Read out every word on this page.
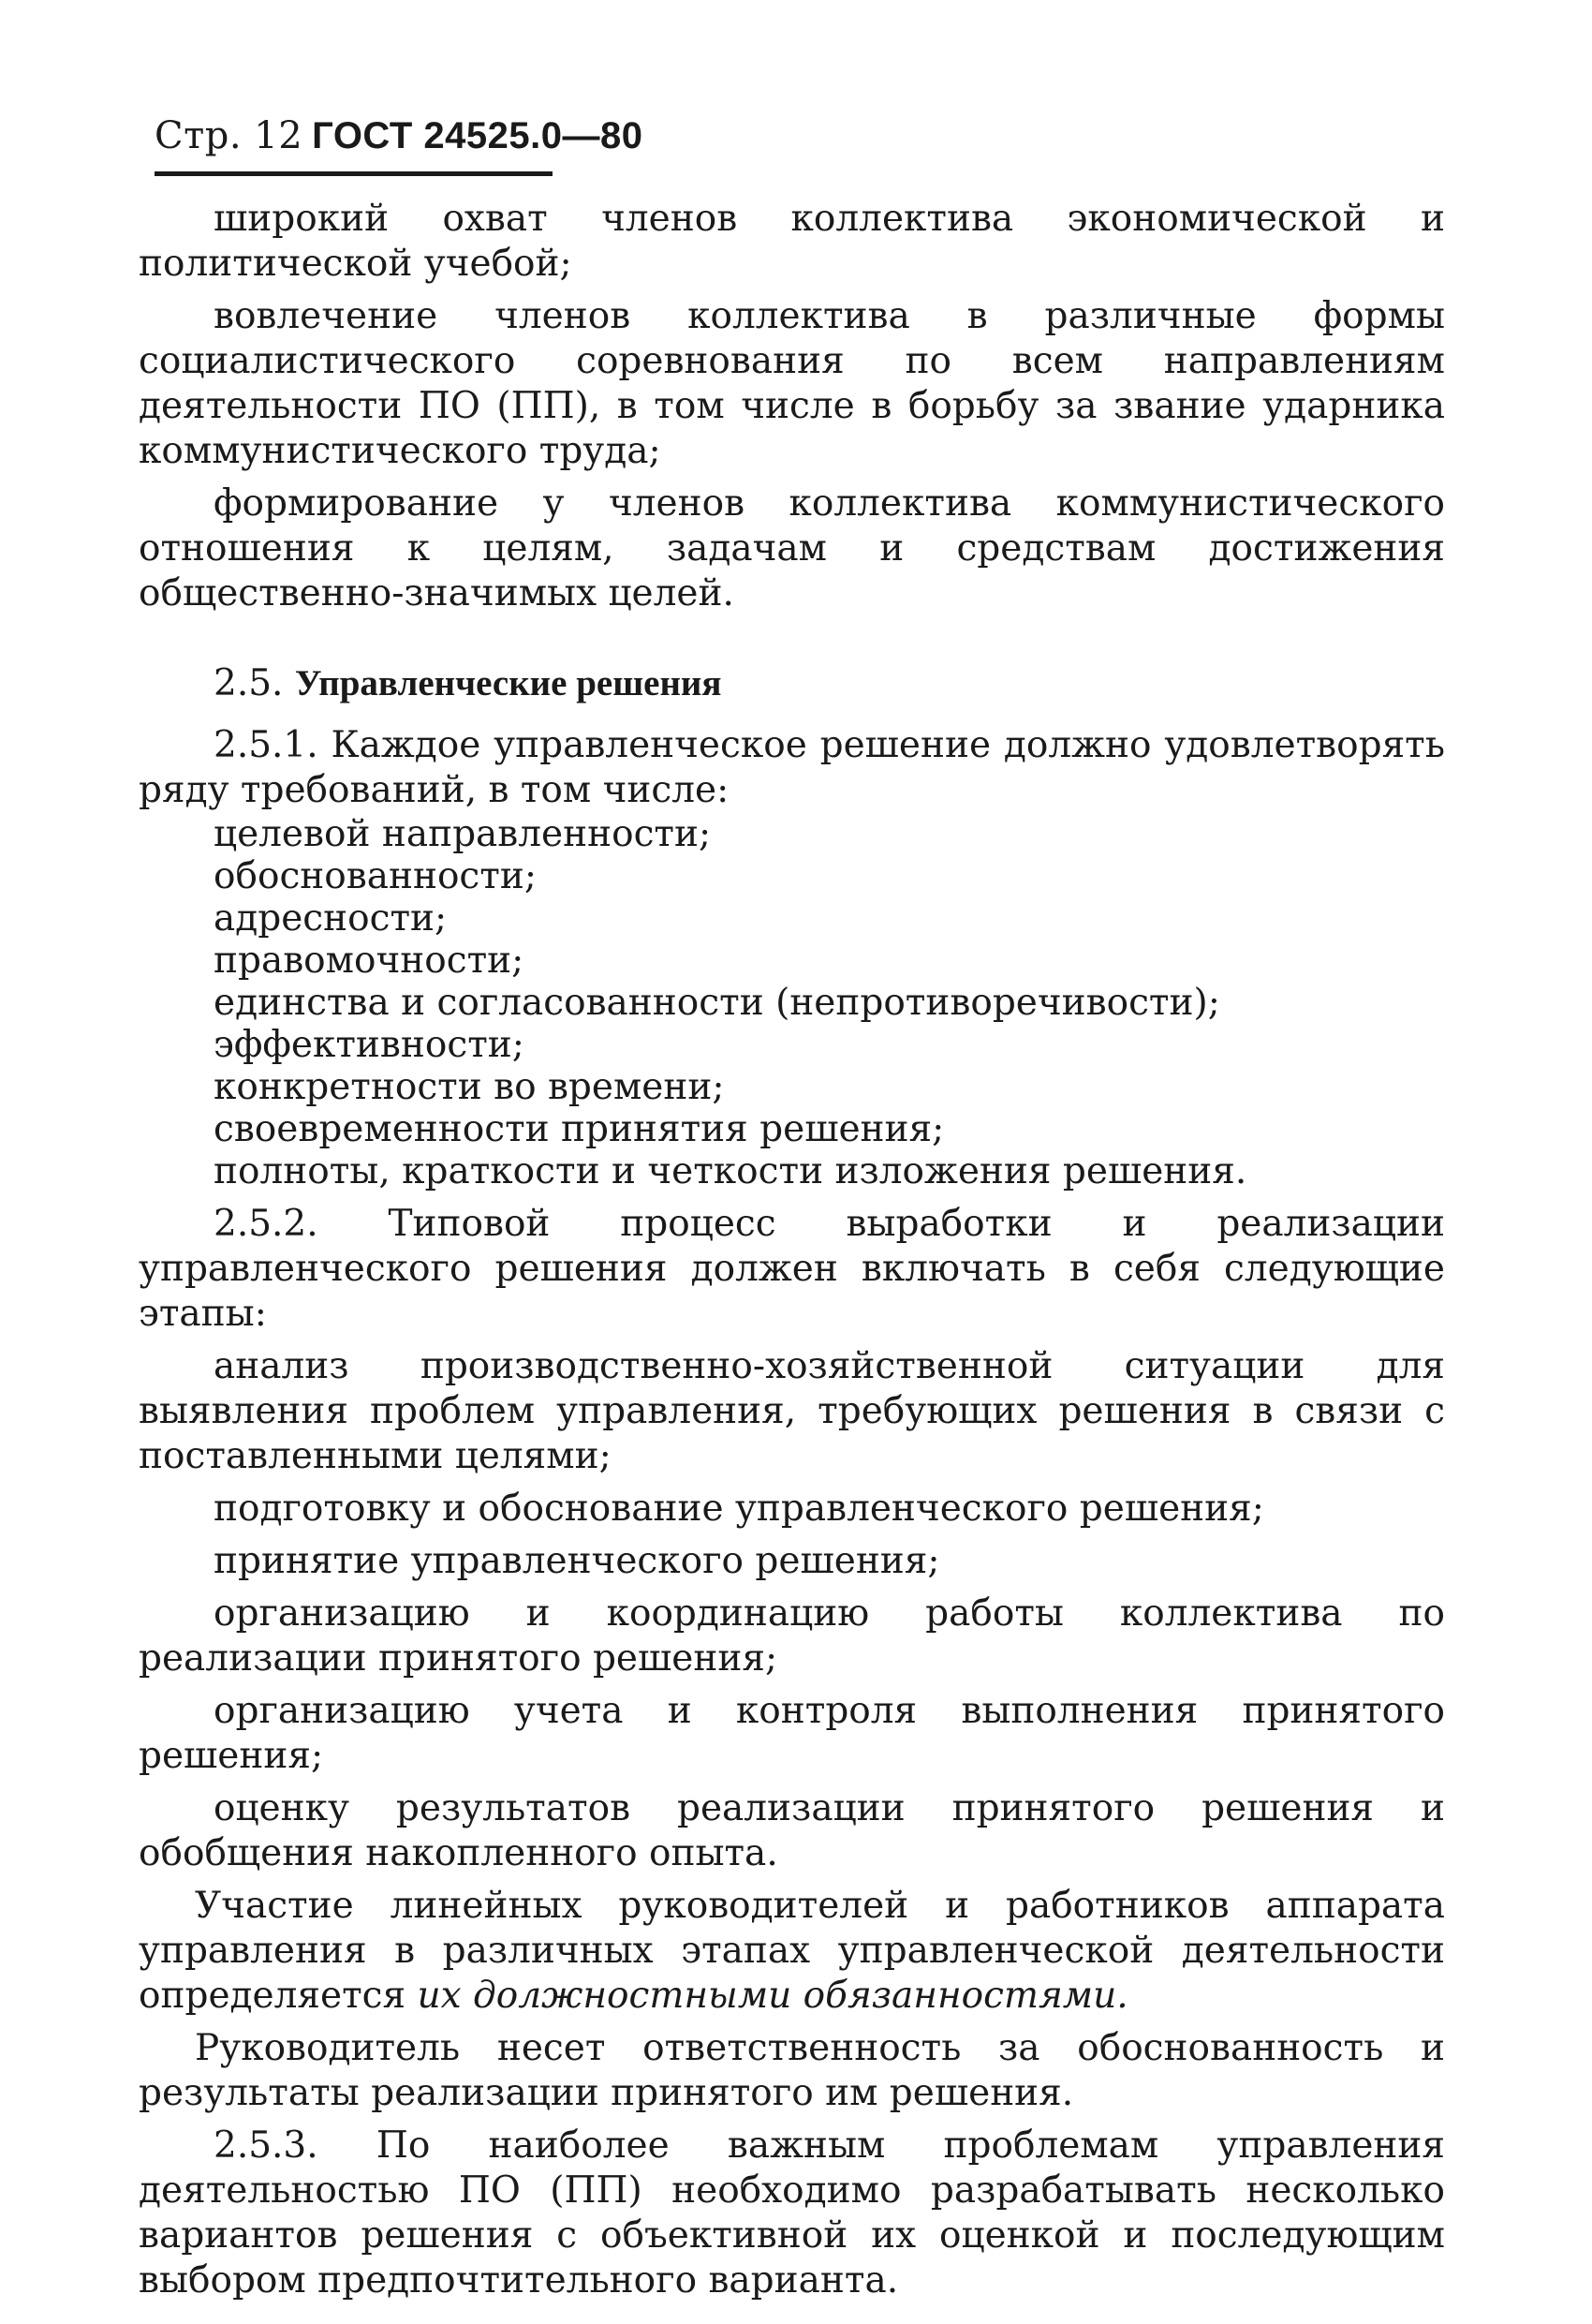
Стр. 12 ГОСТ 24525.0—80

широкий охват членов коллектива экономической и политической учебой;

вовлечение членов коллектива в различные формы социалистического соревнования по всем направлениям деятельности ПО (ПП), в том числе в борьбу за звание ударника коммунистического труда;

формирование у членов коллектива коммунистического отношения к целям, задачам и средствам достижения общественно-значимых целей.

2.5. Управленческие решения

2.5.1. Каждое управленческое решение должно удовлетворять ряду требований, в том числе:

целевой направленности;

обоснованности;

адресности;

правомочности;

единства и согласованности (непротиворечивости);

эффективности;

конкретности во времени;

своевременности принятия решения;

полноты, краткости и четкости изложения решения.

2.5.2. Типовой процесс выработки и реализации управленческого решения должен включать в себя следующие этапы:

анализ производственно-хозяйственной ситуации для выявления проблем управления, требующих решения в связи с поставленными целями;

подготовку и обоснование управленческого решения;

принятие управленческого решения;

организацию и координацию работы коллектива по реализации принятого решения;

организацию учета и контроля выполнения принятого решения;

оценку результатов реализации принятого решения и обобщения накопленного опыта.

Участие линейных руководителей и работников аппарата управления в различных этапах управленческой деятельности определяется их должностными обязанностями.

Руководитель несет ответственность за обоснованность и результаты реализации принятого им решения.

2.5.3. По наиболее важным проблемам управления деятельностью ПО (ПП) необходимо разрабатывать несколько вариантов решения с объективной их оценкой и последующим выбором предпочтительного варианта.
